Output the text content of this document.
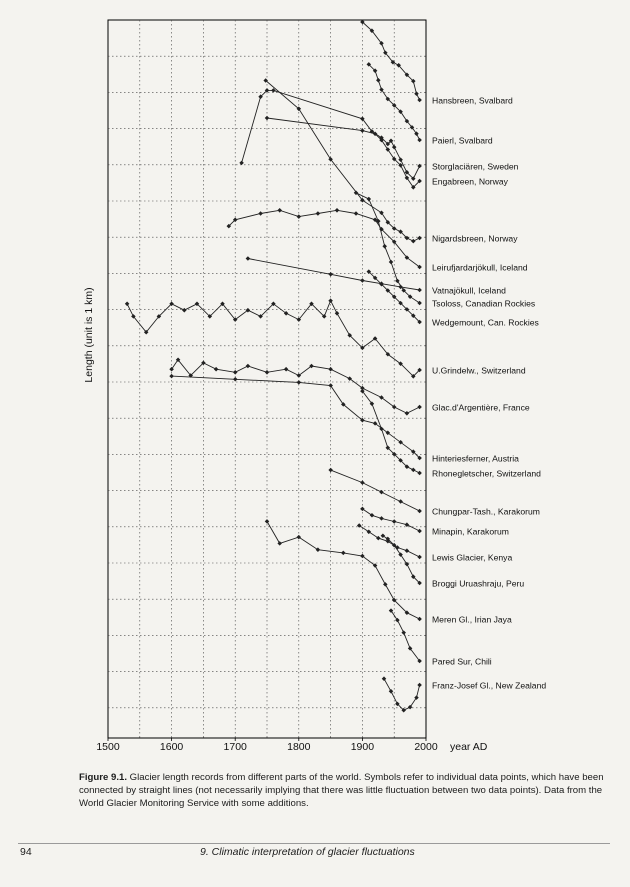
Hansbreen, Svalbard
Paierl, Svalbard
Storglaciären, Sweden
Engabreen, Norway
Nigardsbreen, Norway
Leirufjardarjökull, Iceland
Vatnajökull, Iceland
Tsoloss, Canadian Rockies
Wedgemount, Can. Rockies
U.Grindelw., Switzerland
Glac.d'Argentière, France
Hinteriesferner, Austria
Rhonegletscher, Switzerland
Chungpar-Tash., Karakorum
Minapin, Karakorum
Lewis Glacier, Kenya
Broggi Uruashraju, Peru
Meren Gl., Irian Jaya
Pared Sur, Chili
Franz-Josef Gl., New Zealand
1500	1600	1700	1800	1900	2000 year AD
Length (unit is 1 km)

Figure 9.1. Glacier length records from different parts of the world. Symbols refer to individual data points, which have been connected by straight lines (not necessarily implying that there was little fluctuation between two data points). Data from the World Glacier Monitoring Service with some additions.

94	9. Climatic interpretation of glacier fluctuations
